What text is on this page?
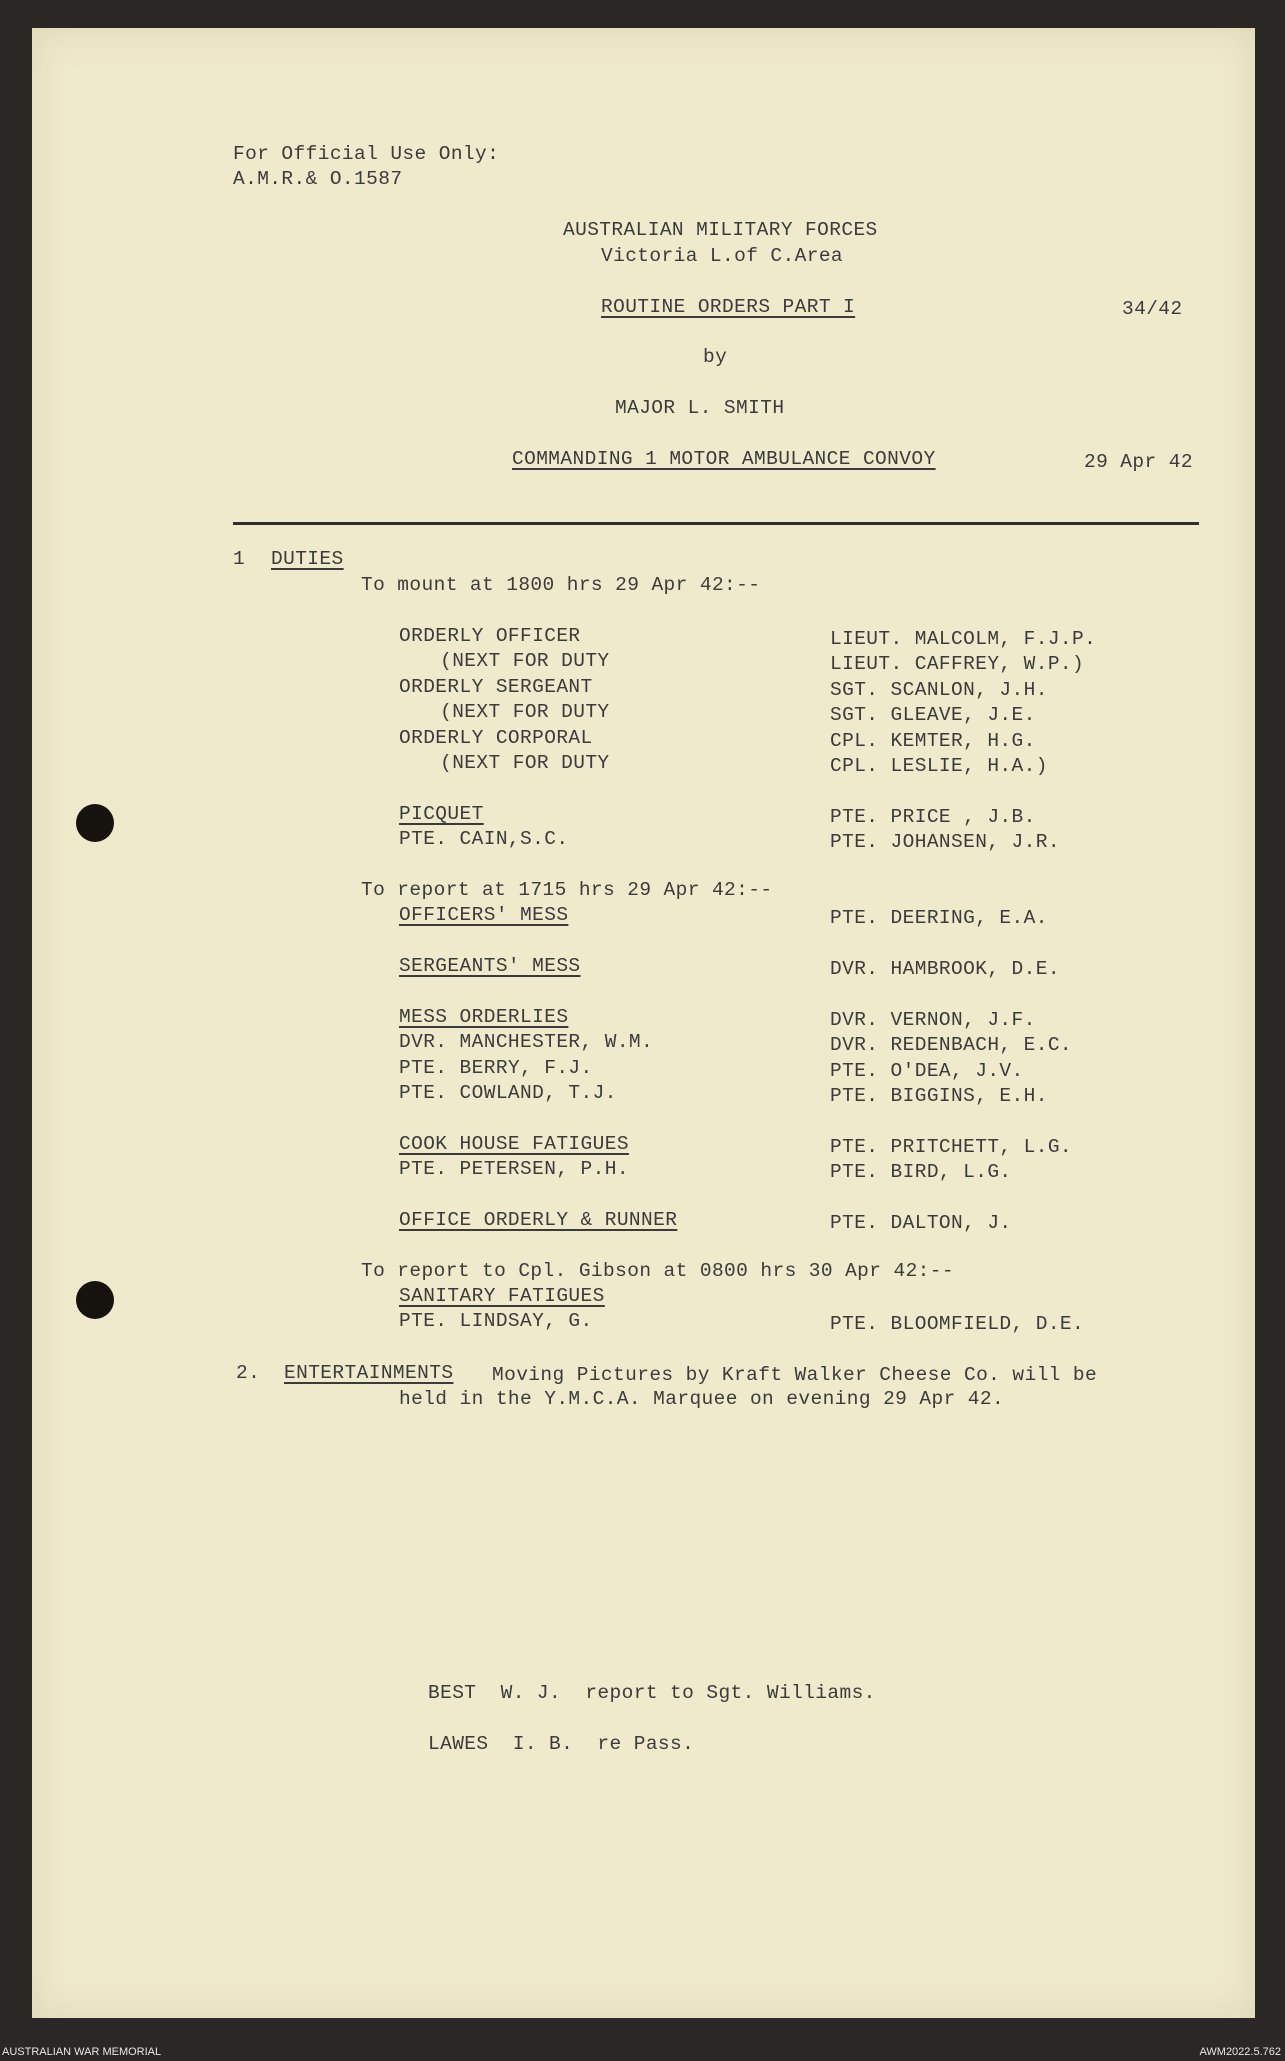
For Official Use Only:
A.M.R.& O.1587
AUSTRALIAN MILITARY FORCES
Victoria L.of C.Area
ROUTINE ORDERS PART I	34/42
by
MAJOR L. SMITH
COMMANDING 1 MOTOR AMBULANCE CONVOY	29 Apr 42
1 DUTIES
To mount at 1800 hrs 29 Apr 42:--
ORDERLY OFFICER	LIEUT. MALCOLM, F.J.P.
(NEXT FOR DUTY	LIEUT. CAFFREY, W.P.)
ORDERLY SERGEANT	SGT. SCANLON, J.H.
(NEXT FOR DUTY	SGT. GLEAVE, J.E.
ORDERLY CORPORAL	CPL. KEMTER, H.G.
(NEXT FOR DUTY	CPL. LESLIE, H.A.)
PICQUET	PTE. PRICE , J.B.
PTE. CAIN,S.C.	PTE. JOHANSEN, J.R.
To report at 1715 hrs 29 Apr 42:--
OFFICERS' MESS	PTE. DEERING, E.A.
SERGEANTS' MESS	DVR. HAMBROOK, D.E.
MESS ORDERLIES	DVR. VERNON, J.F.
DVR. MANCHESTER, W.M.	DVR. REDENBACH, E.C.
PTE. BERRY, F.J.	PTE. O'DEA, J.V.
PTE. COWLAND, T.J.	PTE. BIGGINS, E.H.
COOK HOUSE FATIGUES	PTE. PRITCHETT, L.G.
PTE. PETERSEN, P.H.	PTE. BIRD, L.G.
OFFICE ORDERLY & RUNNER	PTE. DALTON, J.
To report to Cpl. Gibson at 0800 hrs 30 Apr 42:--
SANITARY FATIGUES
PTE. LINDSAY, G.	PTE. BLOOMFIELD, D.E.
2. ENTERTAINMENTS Moving Pictures by Kraft Walker Cheese Co. will be
held in the Y.M.C.A. Marquee on evening 29 Apr 42.
BEST  W. J.  report to Sgt. Williams.
LAWES  I. B.  re Pass.
AUSTRALIAN WAR MEMORIAL	AWM2022.5.762
